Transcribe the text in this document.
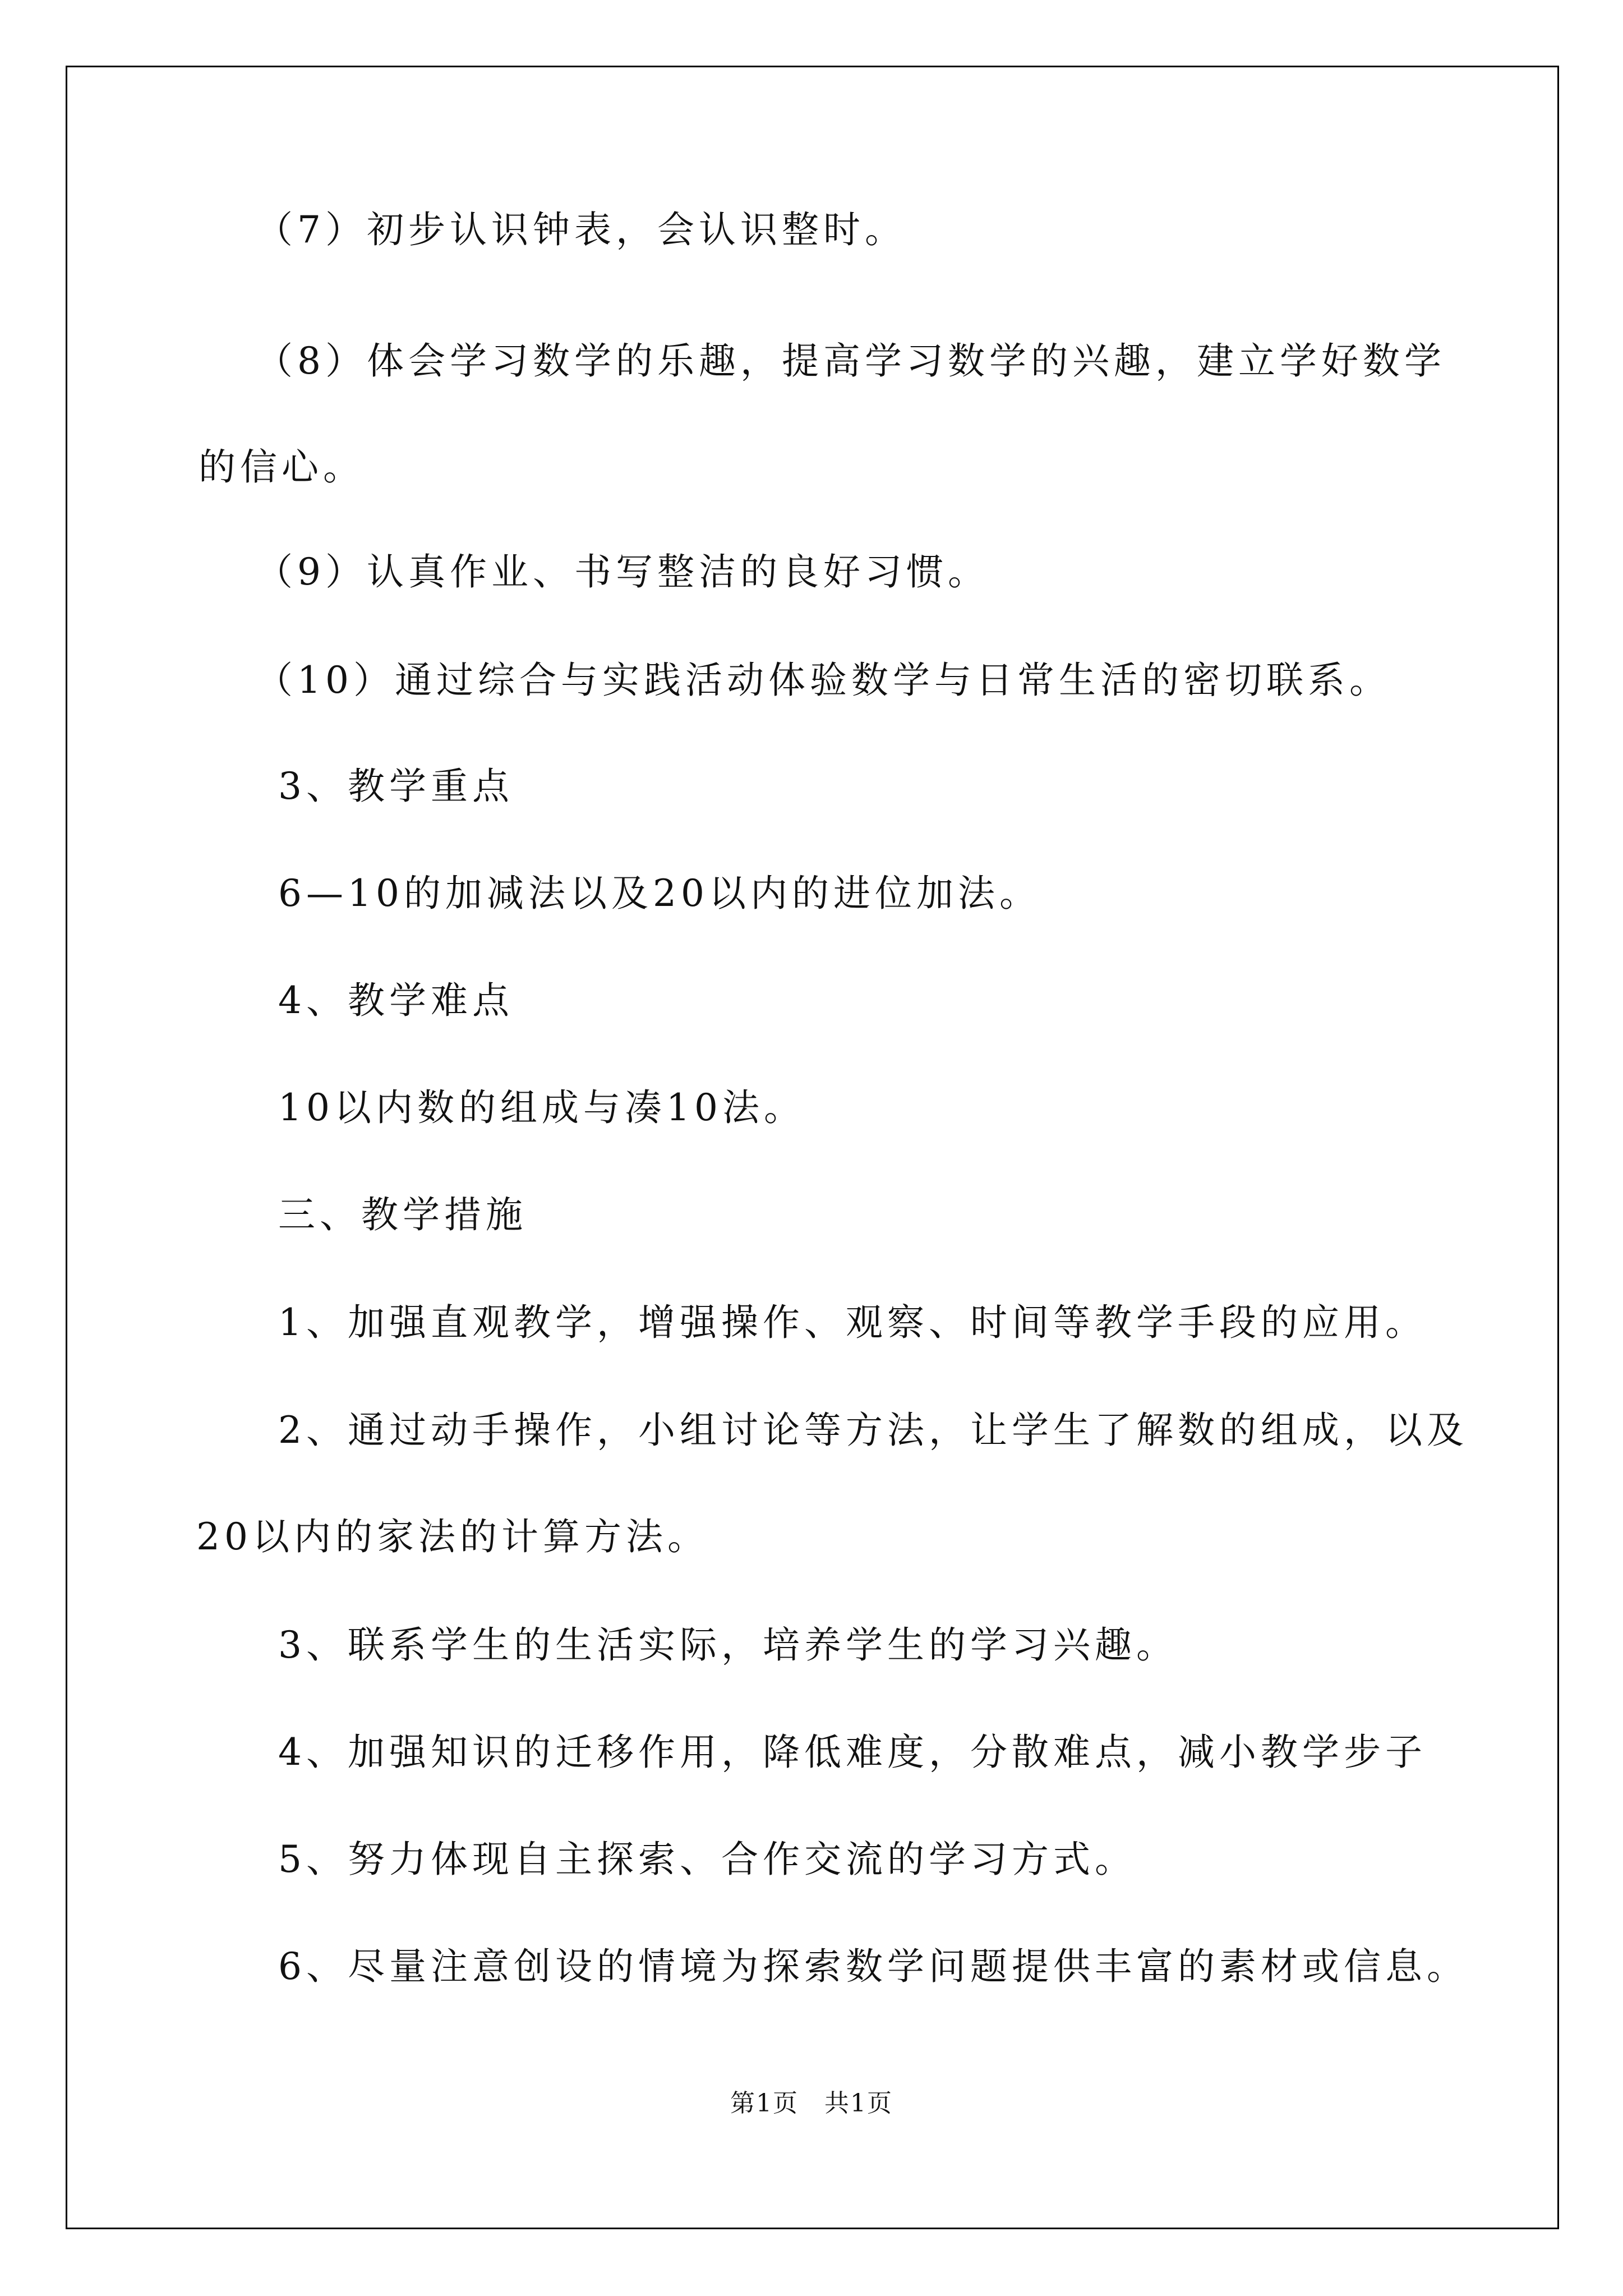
（7）初步认识钟表，会认识整时。

（8）体会学习数学的乐趣，提高学习数学的兴趣，建立学好数学

的信心。

（9）认真作业、书写整洁的良好习惯。

（10）通过综合与实践活动体验数学与日常生活的密切联系。

3、教学重点

6—10的加减法以及20以内的进位加法。

4、教学难点

10以内数的组成与凑10法。

三、教学措施

1、加强直观教学，增强操作、观察、时间等教学手段的应用。

2、通过动手操作，小组讨论等方法，让学生了解数的组成，以及

20以内的家法的计算方法。

3、联系学生的生活实际，培养学生的学习兴趣。

4、加强知识的迁移作用，降低难度，分散难点，减小教学步子

5、努力体现自主探索、合作交流的学习方式。

6、尽量注意创设的情境为探索数学问题提供丰富的素材或信息。

第1页　共1页
